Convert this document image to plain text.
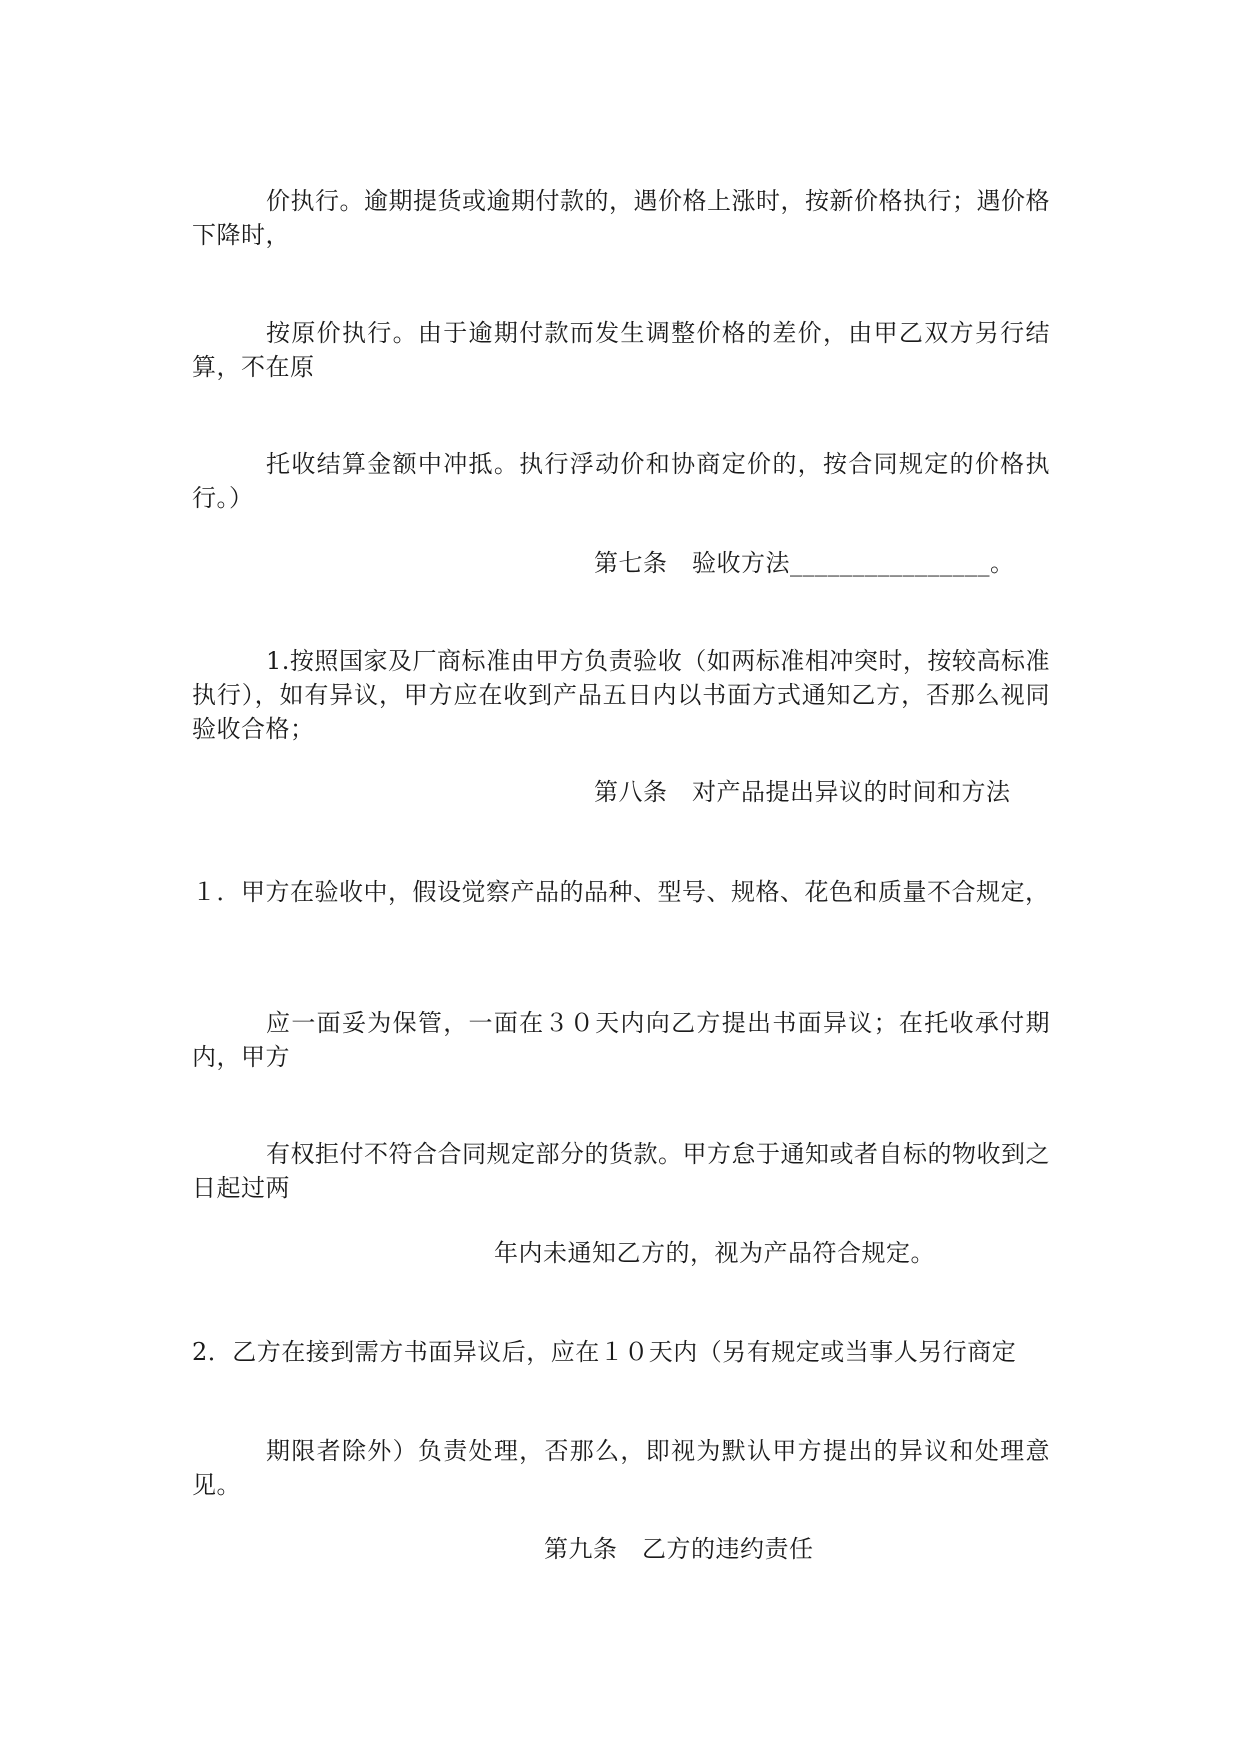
价执行。逾期提货或逾期付款的，遇价格上涨时，按新价格执行；遇价格下降时，

按原价执行。由于逾期付款而发生调整价格的差价，由甲乙双方另行结算，不在原

托收结算金额中冲抵。执行浮动价和协商定价的，按合同规定的价格执行。）

第七条　验收方法________________。

1.按照国家及厂商标准由甲方负责验收（如两标准相冲突时，按较高标准执行），如有异议，甲方应在收到产品五日内以书面方式通知乙方，否那么视同验收合格；

第八条　对产品提出异议的时间和方法

１．甲方在验收中，假设觉察产品的品种、型号、规格、花色和质量不合规定，

应一面妥为保管，一面在３０天内向乙方提出书面异议；在托收承付期内，甲方

有权拒付不符合合同规定部分的货款。甲方怠于通知或者自标的物收到之日起过两

年内未通知乙方的，视为产品符合规定。

2．乙方在接到需方书面异议后，应在１０天内（另有规定或当事人另行商定

期限者除外）负责处理，否那么，即视为默认甲方提出的异议和处理意见。

第九条　乙方的违约责任
